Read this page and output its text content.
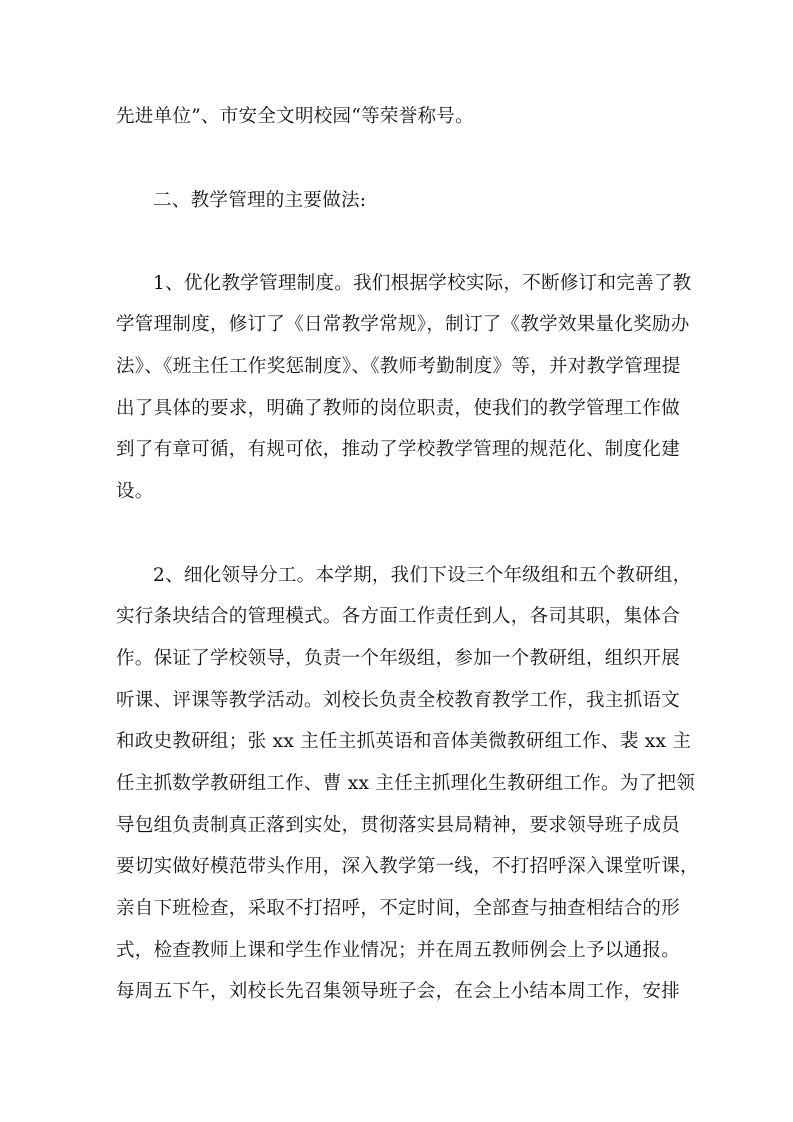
先进单位”、市安全文明校园“等荣誉称号。
二、教学管理的主要做法:
1、优化教学管理制度。我们根据学校实际，不断修订和完善了教
学管理制度，修订了《日常教学常规》，制订了《教学效果量化奖励办
法》、《班主任工作奖惩制度》、《教师考勤制度》等，并对教学管理提
出了具体的要求，明确了教师的岗位职责，使我们的教学管理工作做
到了有章可循，有规可依，推动了学校教学管理的规范化、制度化建
设。
2、细化领导分工。本学期，我们下设三个年级组和五个教研组，
实行条块结合的管理模式。各方面工作责任到人，各司其职，集体合
作。保证了学校领导，负责一个年级组，参加一个教研组，组织开展
听课、评课等教学活动。刘校长负责全校教育教学工作，我主抓语文
和政史教研组；张 xx 主任主抓英语和音体美微教研组工作、裴 xx 主
任主抓数学教研组工作、曹 xx 主任主抓理化生教研组工作。为了把领
导包组负责制真正落到实处，贯彻落实县局精神，要求领导班子成员
要切实做好模范带头作用，深入教学第一线，不打招呼深入课堂听课，
亲自下班检查，采取不打招呼，不定时间，全部查与抽查相结合的形
式，检查教师上课和学生作业情况；并在周五教师例会上予以通报。
每周五下午，刘校长先召集领导班子会，在会上小结本周工作，安排
